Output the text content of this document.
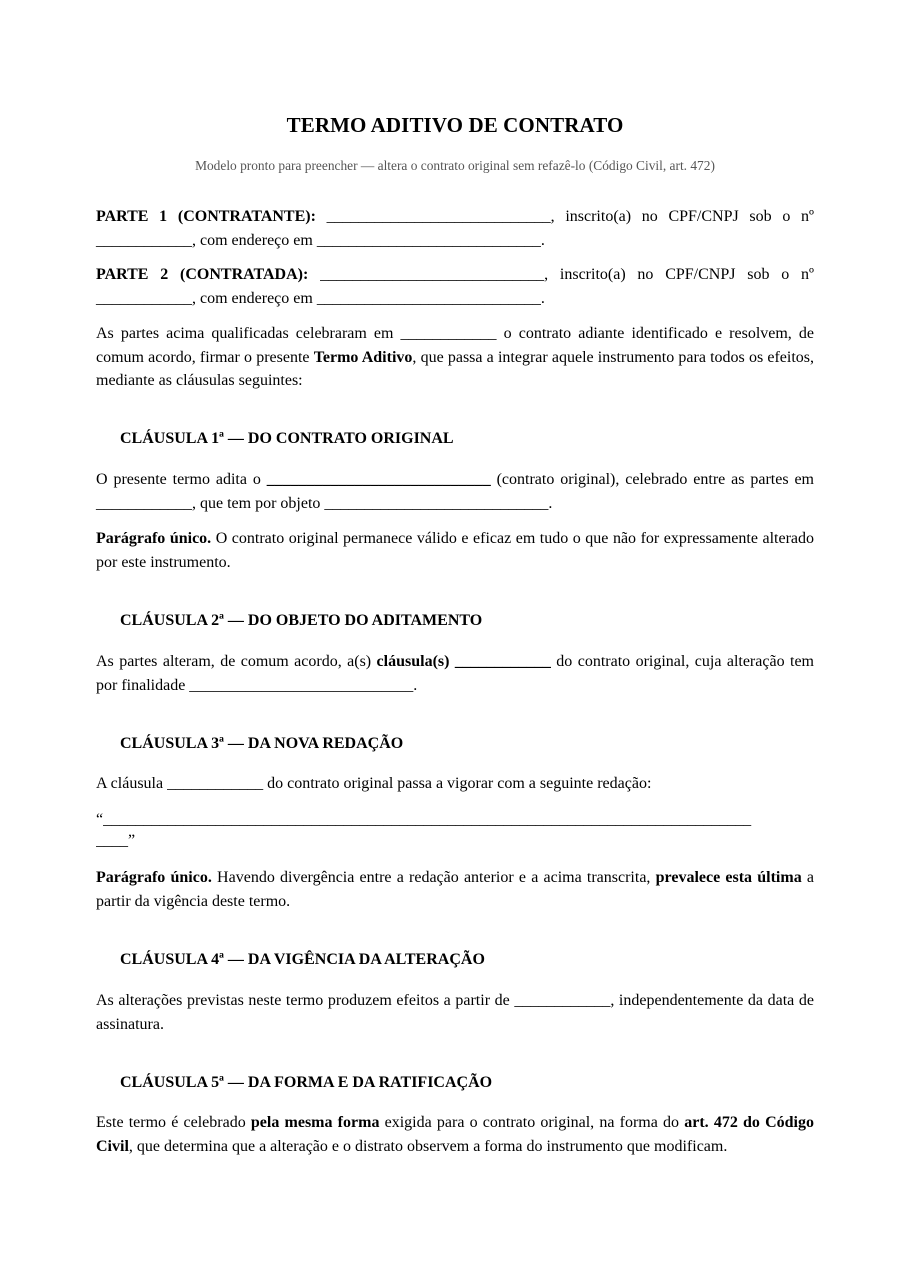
TERMO ADITIVO DE CONTRATO
Modelo pronto para preencher — altera o contrato original sem refazê-lo (Código Civil, art. 472)

PARTE 1 (CONTRATANTE): ____________________________, inscrito(a) no CPF/CNPJ sob o nº ____________, com endereço em ____________________________.

PARTE 2 (CONTRATADA): ____________________________, inscrito(a) no CPF/CNPJ sob o nº ____________, com endereço em ____________________________.

As partes acima qualificadas celebraram em ____________ o contrato adiante identificado e resolvem, de comum acordo, firmar o presente Termo Aditivo, que passa a integrar aquele instrumento para todos os efeitos, mediante as cláusulas seguintes:

CLÁUSULA 1ª — DO CONTRATO ORIGINAL

O presente termo adita o ____________________________ (contrato original), celebrado entre as partes em ____________, que tem por objeto ____________________________.

Parágrafo único. O contrato original permanece válido e eficaz em tudo o que não for expressamente alterado por este instrumento.

CLÁUSULA 2ª — DO OBJETO DO ADITAMENTO

As partes alteram, de comum acordo, a(s) cláusula(s) ____________ do contrato original, cuja alteração tem por finalidade ____________________________.

CLÁUSULA 3ª — DA NOVA REDAÇÃO

A cláusula ____________ do contrato original passa a vigorar com a seguinte redação:

“_________________________________________________________________________________

____”

Parágrafo único. Havendo divergência entre a redação anterior e a acima transcrita, prevalece esta última a partir da vigência deste termo.

CLÁUSULA 4ª — DA VIGÊNCIA DA ALTERAÇÃO

As alterações previstas neste termo produzem efeitos a partir de ____________, independentemente da data de assinatura.

CLÁUSULA 5ª — DA FORMA E DA RATIFICAÇÃO

Este termo é celebrado pela mesma forma exigida para o contrato original, na forma do art. 472 do Código Civil, que determina que a alteração e o distrato observem a forma do instrumento que modificam.
